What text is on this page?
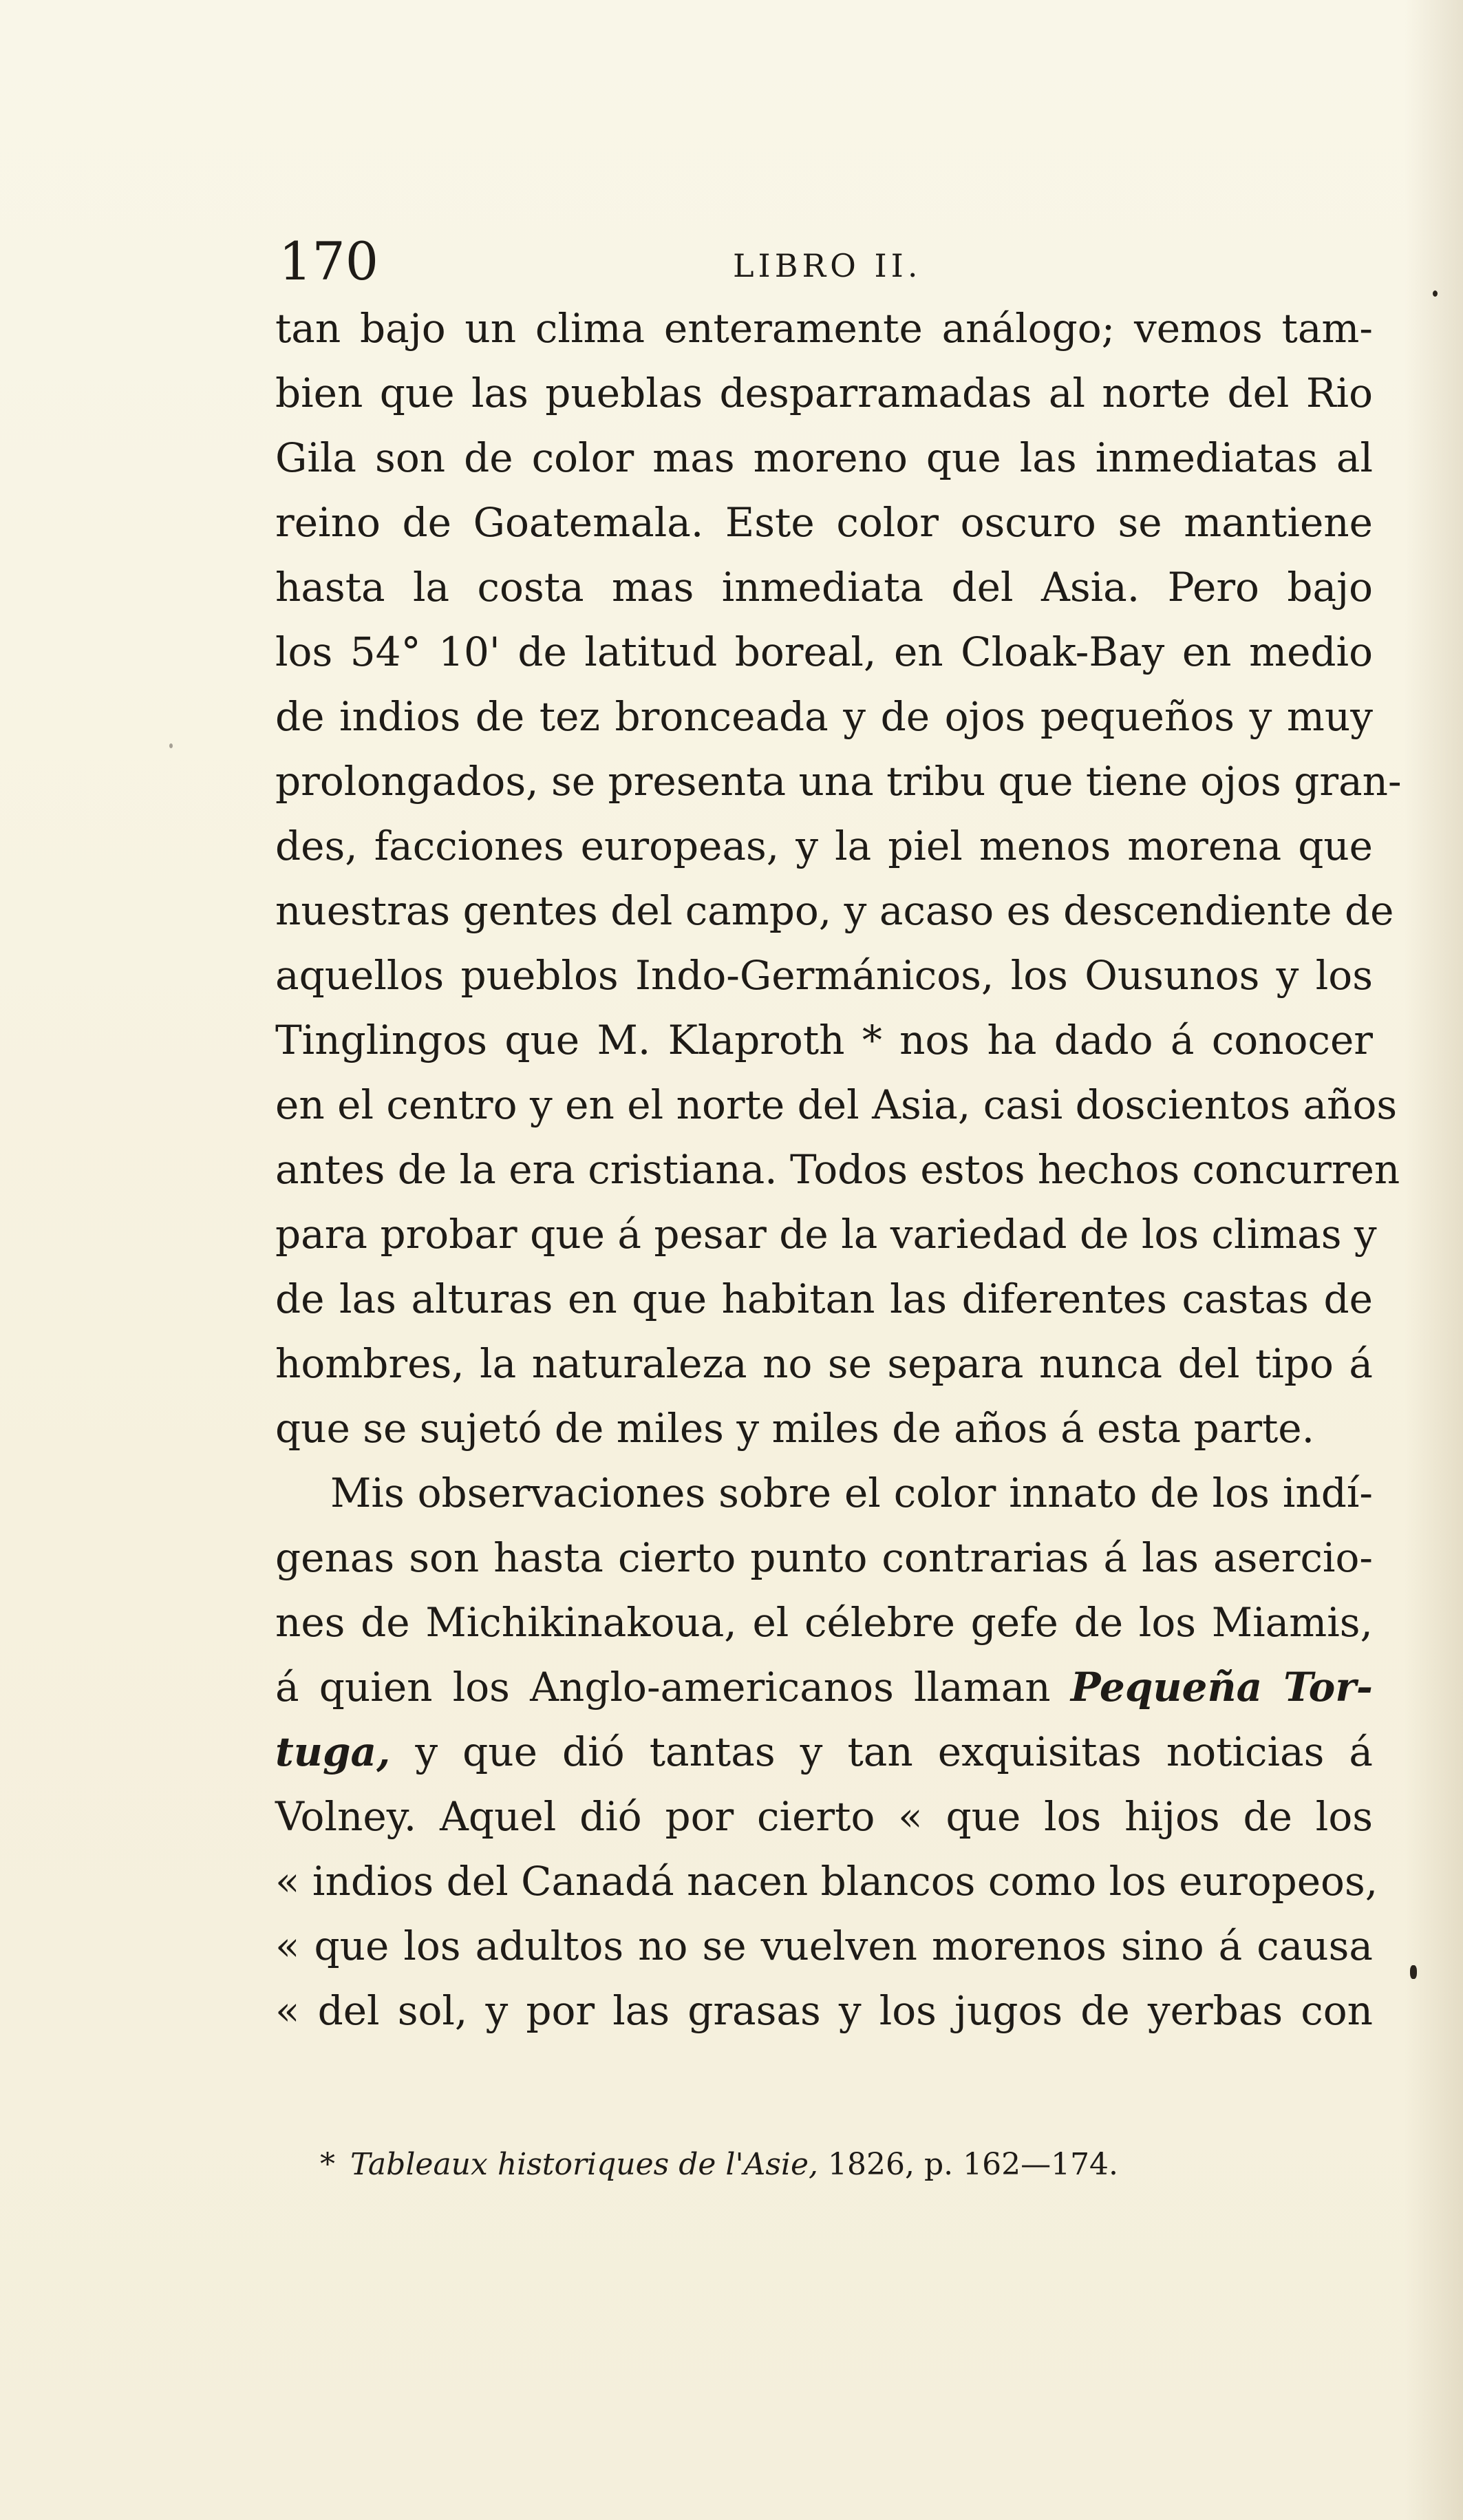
170	LIBRO II.
tan bajo un clima enteramente análogo; vemos tam-
bien que las pueblas desparramadas al norte del Rio
Gila son de color mas moreno que las inmediatas al
reino de Goatemala. Este color oscuro se mantiene
hasta la costa mas inmediata del Asia. Pero bajo
los 54° 10' de latitud boreal, en Cloak-Bay en medio
de indios de tez bronceada y de ojos pequeños y muy
prolongados, se presenta una tribu que tiene ojos gran-
des, facciones europeas, y la piel menos morena que
nuestras gentes del campo, y acaso es descendiente de
aquellos pueblos Indo-Germánicos, los Ousunos y los
Tinglingos que M. Klaproth * nos ha dado á conocer
en el centro y en el norte del Asia, casi doscientos años
antes de la era cristiana. Todos estos hechos concurren
para probar que á pesar de la variedad de los climas y
de las alturas en que habitan las diferentes castas de
hombres, la naturaleza no se separa nunca del tipo á
que se sujetó de miles y miles de años á esta parte.
Mis observaciones sobre el color innato de los indí-
genas son hasta cierto punto contrarias á las asercio-
nes de Michikinakoua, el célebre gefe de los Miamis,
á quien los Anglo-americanos llaman Pequeña Tor-
tuga, y que dió tantas y tan exquisitas noticias á
Volney. Aquel dió por cierto « que los hijos de los
« indios del Canadá nacen blancos como los europeos,
« que los adultos no se vuelven morenos sino á causa
« del sol, y por las grasas y los jugos de yerbas con
* Tableaux historiques de l'Asie, 1826, p. 162—174.
